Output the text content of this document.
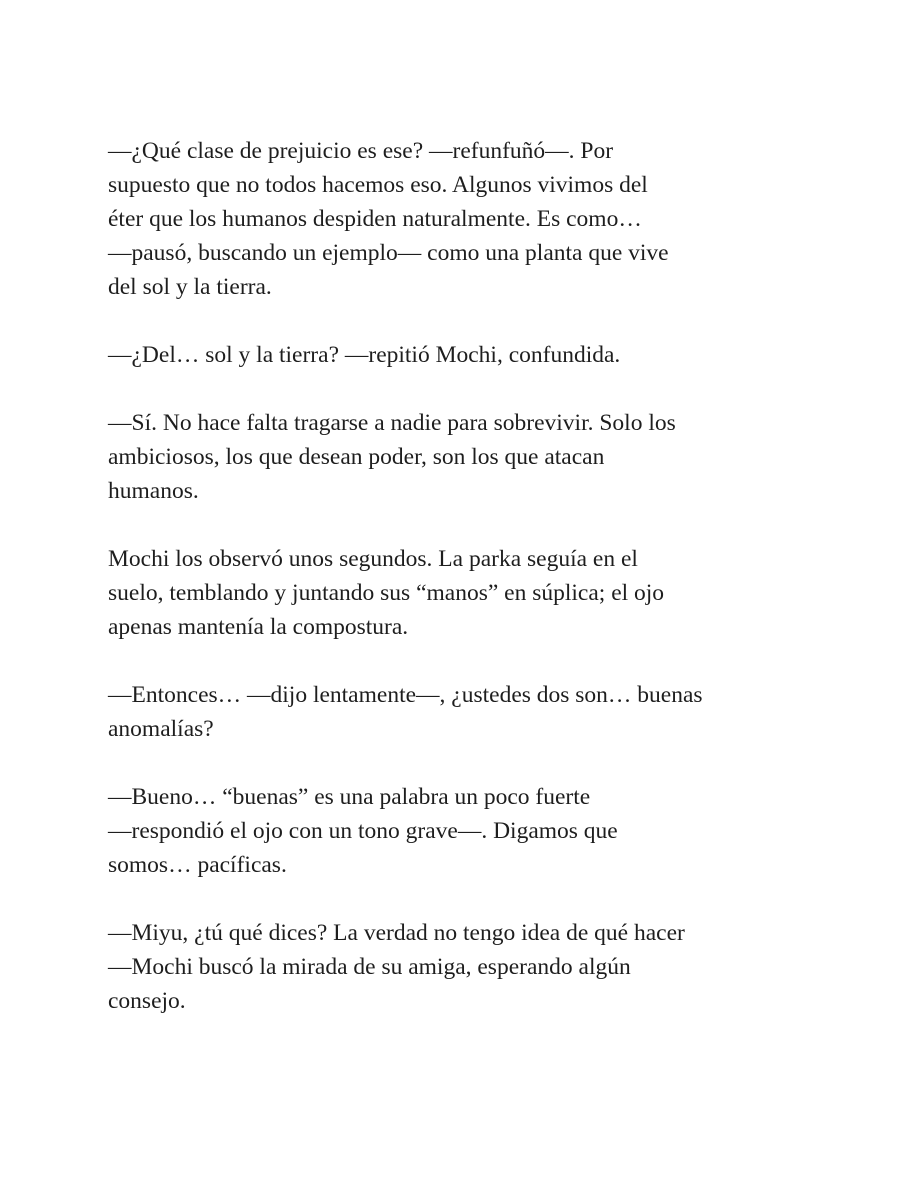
—¿Qué clase de prejuicio es ese? —refunfuñó—. Por
supuesto que no todos hacemos eso. Algunos vivimos del
éter que los humanos despiden naturalmente. Es como…
—pausó, buscando un ejemplo— como una planta que vive
del sol y la tierra.

—¿Del… sol y la tierra? —repitió Mochi, confundida.

—Sí. No hace falta tragarse a nadie para sobrevivir. Solo los
ambiciosos, los que desean poder, son los que atacan
humanos.

Mochi los observó unos segundos. La parka seguía en el
suelo, temblando y juntando sus “manos” en súplica; el ojo
apenas mantenía la compostura.

—Entonces… —dijo lentamente—, ¿ustedes dos son… buenas
anomalías?

—Bueno… “buenas” es una palabra un poco fuerte
—respondió el ojo con un tono grave—. Digamos que
somos… pacíficas.

—Miyu, ¿tú qué dices? La verdad no tengo idea de qué hacer
—Mochi buscó la mirada de su amiga, esperando algún
consejo.
